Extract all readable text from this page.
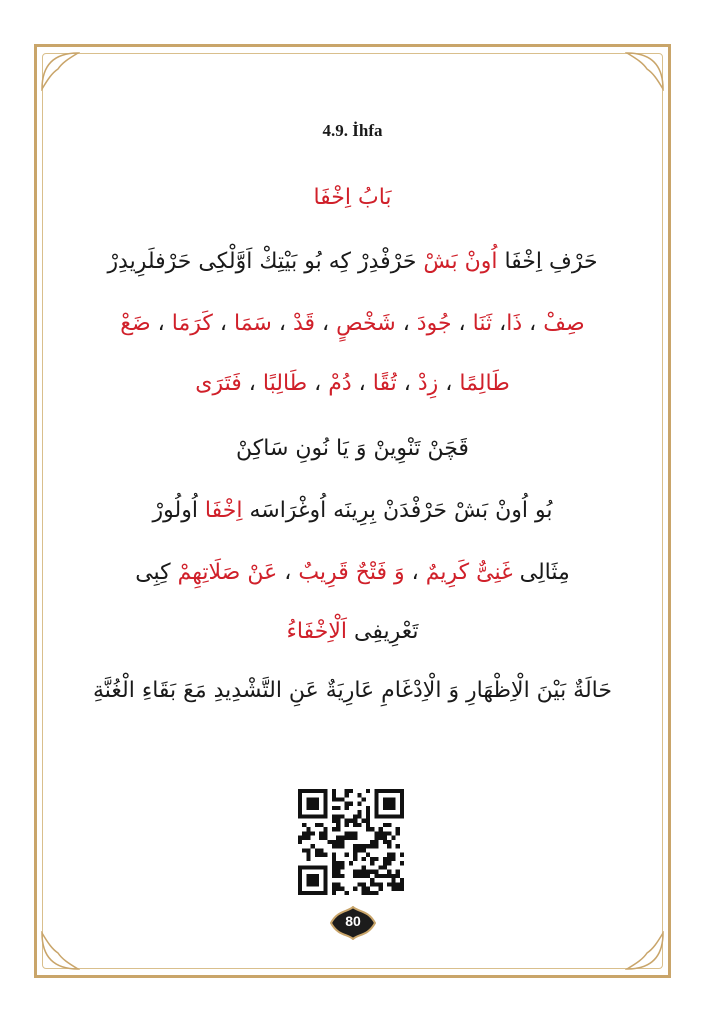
4.9. İhfa
بَابُ اِخْفَا
حَرْفِ اِخْفَا اُونْ بَشْ حَرْفْدِرْ كِه بُو بَيْتِكْ اَوَّلْكِى حَرْفلَرِيدِرْ
صِفْ ، ذَا، ثَنَا ، جُودَ ، شَخْصٍ ، قَدْ ، سَمَا ، كَرَمَا ، ضَعْ
طَالِمًا ، زِدْ ، تُقًا ، دُمْ ، طَالِبًا ، فَتَرَى
قَچَنْ تَنْوِينْ وَ يَا نُونِ سَاكِنْ
بُو اُونْ بَشْ حَرْفْدَنْ بِرِينَه اُوغْرَاسَه اِخْفَا اُولُورْ
مِثَالِى غَنِىٌّ كَرِيمٌ ، وَ فَتْحٌ قَرِيبٌ ، عَنْ صَلَاتِهِمْ كِبِى
تَعْرِيفِى اَلْاِخْفَاءُ
حَالَةٌ بَيْنَ الْاِظْهَارِ وَ الْاِدْغَامِ عَارِيَةٌ عَنِ التَّشْدِيدِ مَعَ بَقَاءِ الْغُنَّةِ
80
